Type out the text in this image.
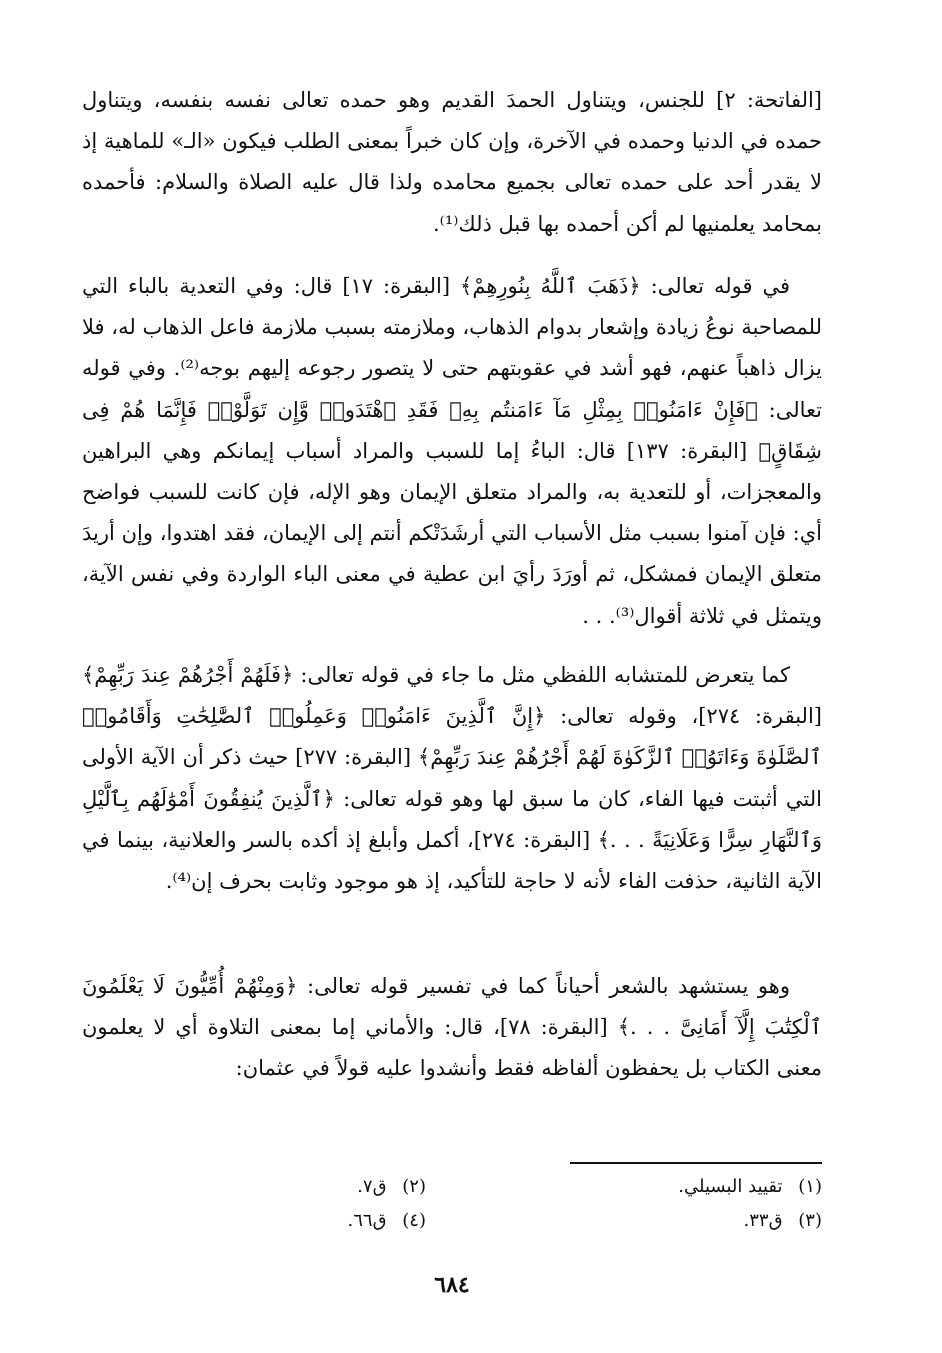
[الفاتحة: ٢] للجنس، ويتناول الحمدَ القديم وهو حمده تعالى نفسه بنفسه، ويتناول حمده في الدنيا وحمده في الآخرة، وإن كان خبراً بمعنى الطلب فيكون «الـ» للماهية إذ لا يقدر أحد على حمده تعالى بجميع محامده ولذا قال عليه الصلاة والسلام: فأحمده بمحامد يعلمنيها لم أكن أحمده بها قبل ذلك⁽¹⁾.

في قوله تعالى: ﴿ذَهَبَ ٱللَّهُ بِنُورِهِمْ﴾ [البقرة: ١٧] قال: وفي التعدية بالباء التي للمصاحبة نوعُ زيادة وإشعار بدوام الذهاب، وملازمته بسبب ملازمة فاعل الذهاب له، فلا يزال ذاهباً عنهم، فهو أشد في عقوبتهم حتى لا يتصور رجوعه إليهم بوجه⁽²⁾. وفي قوله تعالى: ﴿فَإِنْ ءَامَنُوا۟ بِمِثْلِ مَآ ءَامَنتُم بِهِۦ فَقَدِ ٱهْتَدَوا۟ وَّإِن تَوَلَّوْا۟ فَإِنَّمَا هُمْ فِى شِقَاقٍ﴾ [البقرة: ١٣٧] قال: الباءُ إما للسبب والمراد أسباب إيمانكم وهي البراهين والمعجزات، أو للتعدية به، والمراد متعلق الإيمان وهو الإله، فإن كانت للسبب فواضح أي: فإن آمنوا بسبب مثل الأسباب التي أرشَدَتْكم أنتم إلى الإيمان، فقد اهتدوا، وإن أريدَ متعلق الإيمان فمشكل، ثم أورَدَ رأيَ ابن عطية في معنى الباء الواردة وفي نفس الآية، ويتمثل في ثلاثة أقوال⁽³⁾. . .

كما يتعرض للمتشابه اللفظي مثل ما جاء في قوله تعالى: ﴿فَلَهُمْ أَجْرُهُمْ عِندَ رَبِّهِمْ﴾ [البقرة: ٢٧٤]، وقوله تعالى: ﴿إِنَّ ٱلَّذِينَ ءَامَنُوا۟ وَعَمِلُوا۟ ٱلصَّٰلِحَٰتِ وَأَقَامُوا۟ ٱلصَّلَوٰةَ وَءَاتَوُا۟ ٱلزَّكَوٰةَ لَهُمْ أَجْرُهُمْ عِندَ رَبِّهِمْ﴾ [البقرة: ٢٧٧] حيث ذكر أن الآية الأولى التي أثبتت فيها الفاء، كان ما سبق لها وهو قوله تعالى: ﴿ٱلَّذِينَ يُنفِقُونَ أَمْوَٰلَهُم بِٱلَّيْلِ وَٱلنَّهَارِ سِرًّا وَعَلَانِيَةً . . .﴾ [البقرة: ٢٧٤]، أكمل وأبلغ إذ أكده بالسر والعلانية، بينما في الآية الثانية، حذفت الفاء لأنه لا حاجة للتأكيد، إذ هو موجود وثابت بحرف إن⁽⁴⁾.

وهو يستشهد بالشعر أحياناً كما في تفسير قوله تعالى: ﴿وَمِنْهُمْ أُمِّيُّونَ لَا يَعْلَمُونَ ٱلْكِتَٰبَ إِلَّآ أَمَانِىَّ . . .﴾ [البقرة: ٧٨]، قال: والأماني إما بمعنى التلاوة أي لا يعلمون معنى الكتاب بل يحفظون ألفاظه فقط وأنشدوا عليه قولاً في عثمان:

(١) تقييد البسيلي.
(٢) ق٧.
(٣) ق٣٣.
(٤) ق٦٦.
٦٨٤
